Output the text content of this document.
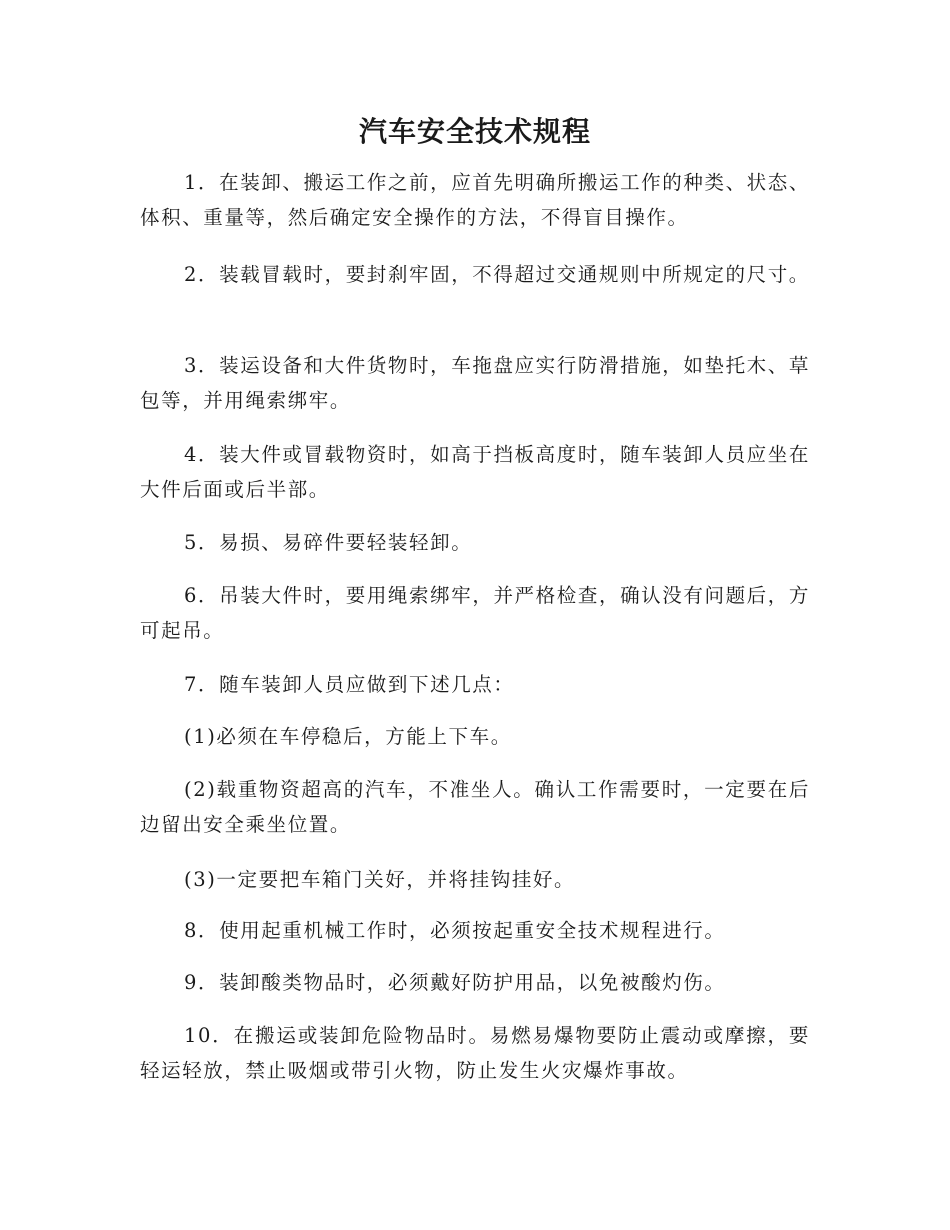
汽车安全技术规程

1．在装卸、搬运工作之前，应首先明确所搬运工作的种类、状态、体积、重量等，然后确定安全操作的方法，不得盲目操作。

2．装载冒载时，要封刹牢固，不得超过交通规则中所规定的尺寸。

3．装运设备和大件货物时，车拖盘应实行防滑措施，如垫托木、草包等，并用绳索绑牢。

4．装大件或冒载物资时，如高于挡板高度时，随车装卸人员应坐在大件后面或后半部。

5．易损、易碎件要轻装轻卸。

6．吊装大件时，要用绳索绑牢，并严格检查，确认没有问题后，方可起吊。

7．随车装卸人员应做到下述几点：

(1)必须在车停稳后，方能上下车。

(2)载重物资超高的汽车，不准坐人。确认工作需要时，一定要在后边留出安全乘坐位置。

(3)一定要把车箱门关好，并将挂钩挂好。

8．使用起重机械工作时，必须按起重安全技术规程进行。

9．装卸酸类物品时，必须戴好防护用品，以免被酸灼伤。

10．在搬运或装卸危险物品时。易燃易爆物要防止震动或摩擦，要轻运轻放，禁止吸烟或带引火物，防止发生火灾爆炸事故。
